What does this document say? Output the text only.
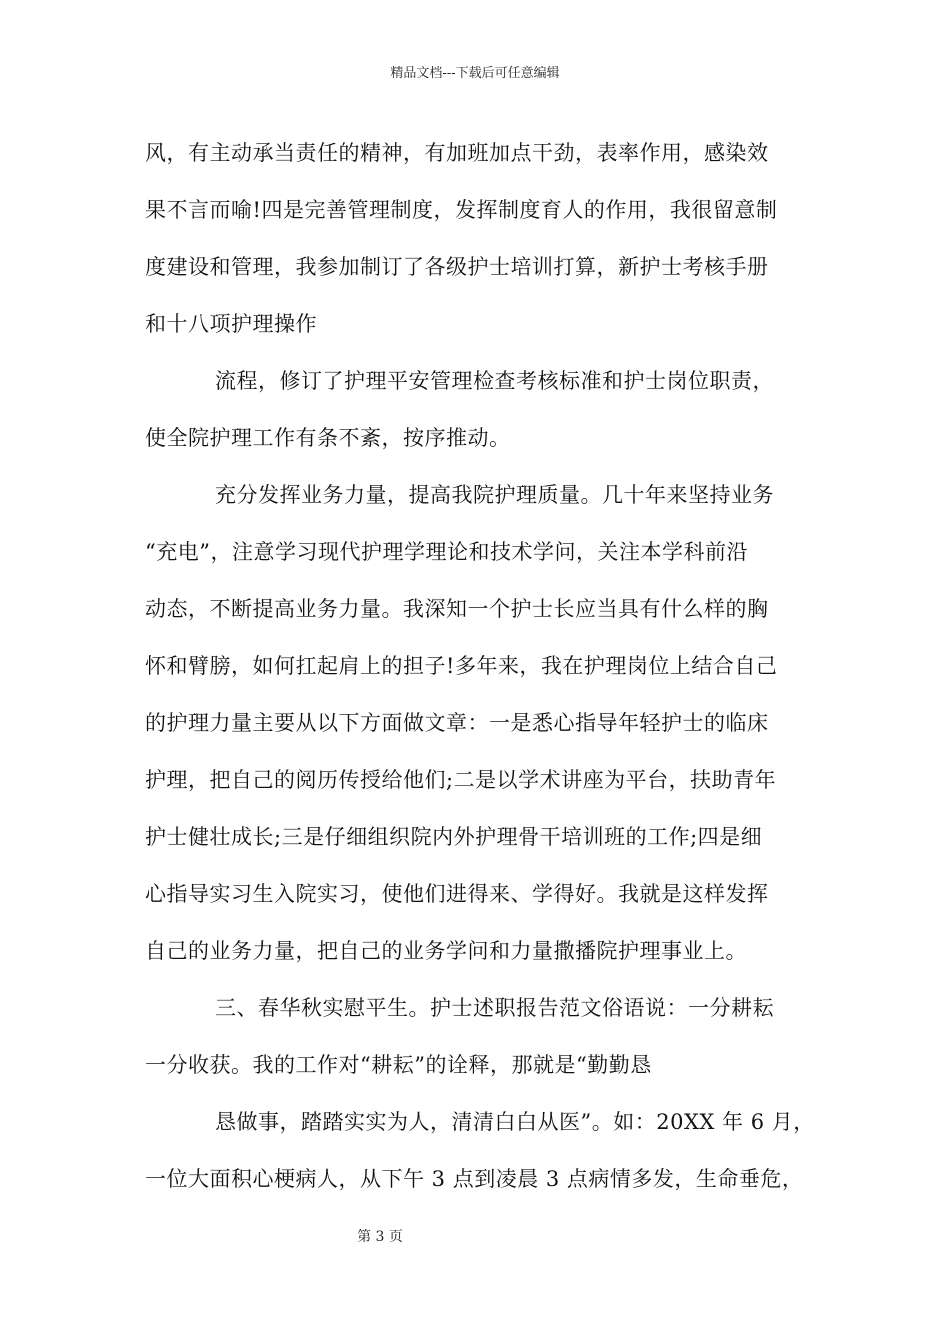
精品文档---下载后可任意编辑
风，有主动承当责任的精神，有加班加点干劲，表率作用，感染效
果不言而喻!四是完善管理制度，发挥制度育人的作用，我很留意制
度建设和管理，我参加制订了各级护士培训打算，新护士考核手册
和十八项护理操作
流程，修订了护理平安管理检查考核标准和护士岗位职责，
使全院护理工作有条不紊，按序推动。
充分发挥业务力量，提高我院护理质量。几十年来坚持业务
“充电”，注意学习现代护理学理论和技术学问，关注本学科前沿
动态，不断提高业务力量。我深知一个护士长应当具有什么样的胸
怀和臂膀，如何扛起肩上的担子!多年来，我在护理岗位上结合自己
的护理力量主要从以下方面做文章：一是悉心指导年轻护士的临床
护理，把自己的阅历传授给他们;二是以学术讲座为平台，扶助青年
护士健壮成长;三是仔细组织院内外护理骨干培训班的工作;四是细
心指导实习生入院实习，使他们进得来、学得好。我就是这样发挥
自己的业务力量，把自己的业务学问和力量撒播院护理事业上。
三、春华秋实慰平生。护士述职报告范文俗语说：一分耕耘
一分收获。我的工作对“耕耘”的诠释，那就是“勤勤恳
恳做事，踏踏实实为人，清清白白从医”。如：20XX 年 6 月，
一位大面积心梗病人，从下午 3 点到凌晨 3 点病情多发，生命垂危，
第 3 页
